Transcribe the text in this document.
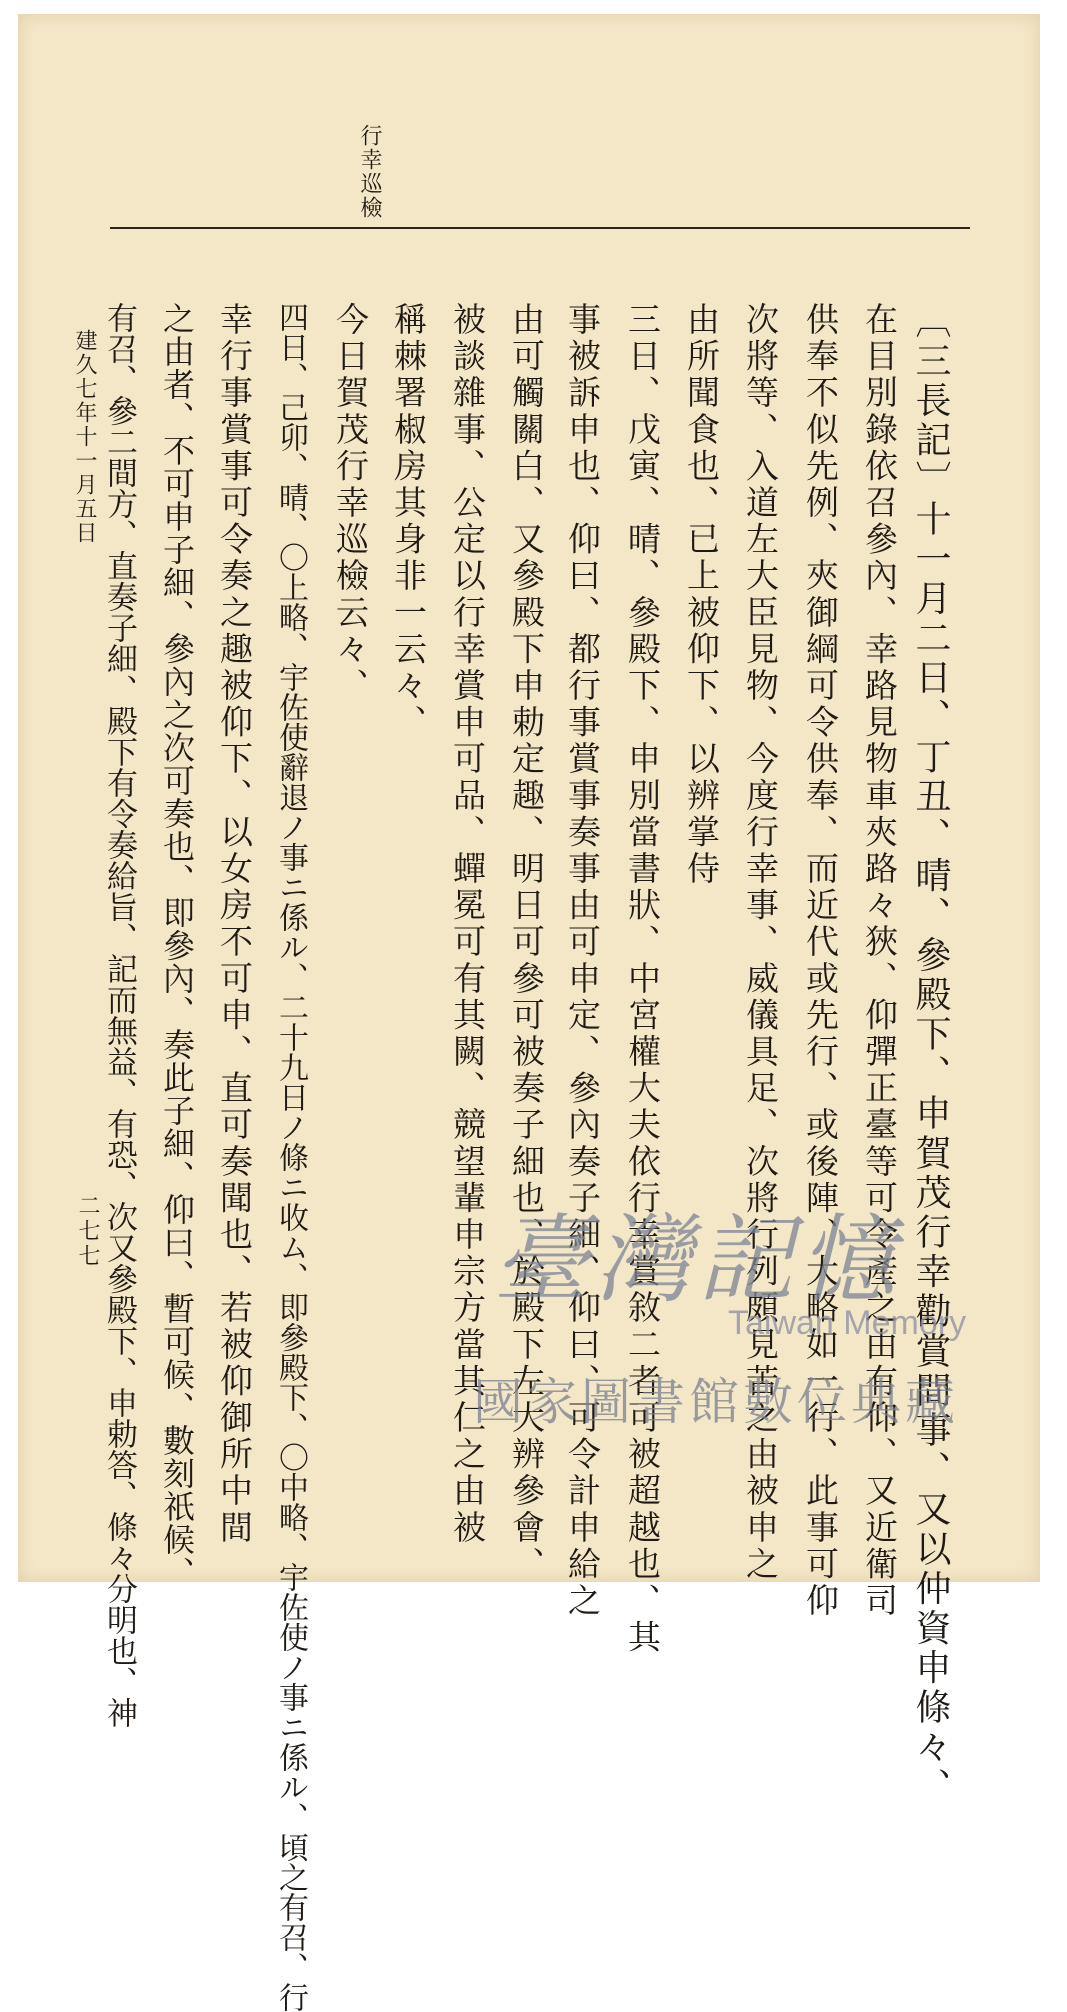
行幸巡檢
〔三長記〕十一月二日、丁丑、晴、參殿下、申賀茂行幸勸賞間事、又以仲資申條々、
在目別錄依召參內、幸路見物車夾路々狹、仰彈正臺等可令產之由有仰、又近衛司
供奉不似先例、夾御綱可令供奉、而近代或先行、或後陣、大略如一行、此事可仰
次將等、入道左大臣見物、今度行幸事、威儀具足、次將行列頗見苦之由被申之
由所聞食也、已上被仰下、以辨掌侍
三日、戊寅、晴、參殿下、申別當書狀、中宮權大夫依行幸賞敘二者可被超越也、其
事被訴申也、仰曰、都行事賞事奏事由可申定、參內奏子細、仰曰、可令計申給之
由可觸關白、又參殿下申勅定趣、明日可參可被奏子細也、於殿下左大辨參會、
被談雜事、公定以行幸賞申可品、蟬冕可有其闕、競望輩申宗方當其仁之由被
稱棘署椒房其身非一云々、
今日賀茂行幸巡檢云々、
四日、己卯、晴、〇上略、宇佐使辭退ノ事ニ係ル、二十九日ノ條ニ收ム、即參殿下、〇中略、宇佐使ノ事ニ係ル、頃之有召、行
幸行事賞事可令奏之趣被仰下、以女房不可申、直可奏聞也、若被仰御所中間
之由者、不可申子細、參內之次可奏也、即參內、奏此子細、仰曰、暫可候、數刻祇候、
有召、參二間方、直奏子細、殿下有令奏給旨、記而無益、有恐、次又參殿下、申勅答、條々分明也、神
建久七年十一月五日
二七七	臺灣記憶
Taiwan Memory
國家圖書館數位典藏
